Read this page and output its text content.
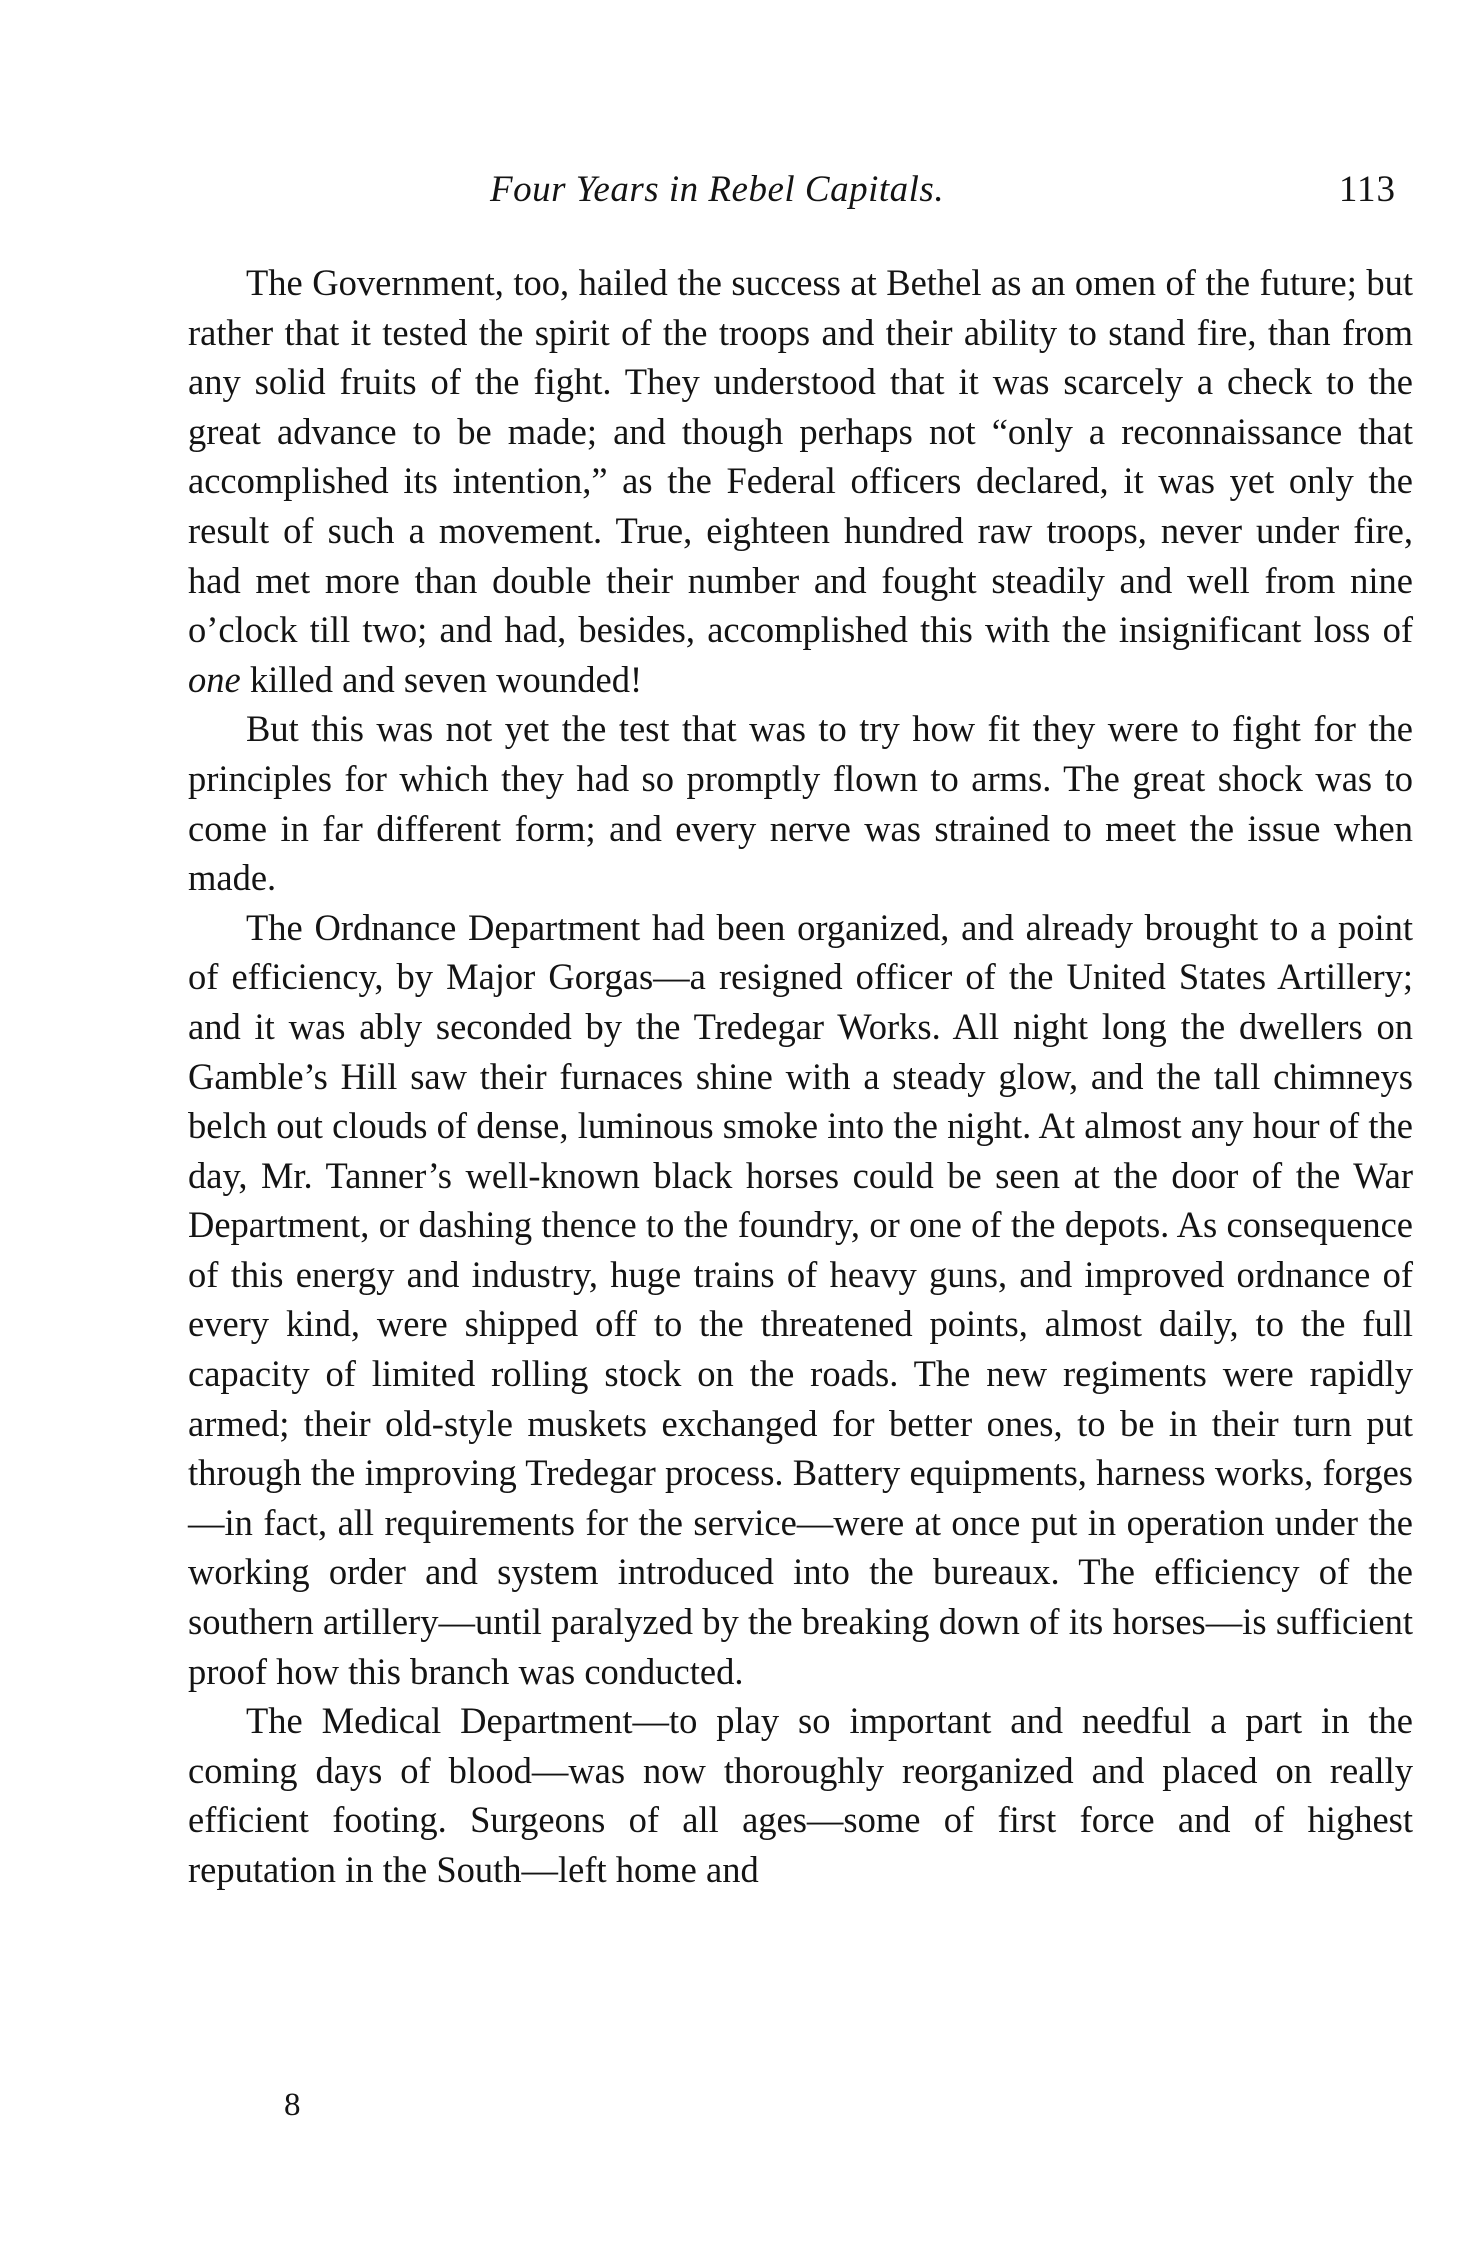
Four Years in Rebel Capitals.	113

The Government, too, hailed the success at Bethel as an omen of the future; but rather that it tested the spirit of the troops and their ability to stand fire, than from any solid fruits of the fight. They understood that it was scarcely a check to the great advance to be made; and though perhaps not “only a reconnaissance that accomplished its intention,” as the Federal officers declared, it was yet only the result of such a movement. True, eighteen hundred raw troops, never under fire, had met more than double their number and fought steadily and well from nine o’clock till two; and had, besides, accomplished this with the insignificant loss of one killed and seven wounded!

But this was not yet the test that was to try how fit they were to fight for the principles for which they had so promptly flown to arms. The great shock was to come in far different form; and every nerve was strained to meet the issue when made.

The Ordnance Department had been organized, and already brought to a point of efficiency, by Major Gorgas—a resigned officer of the United States Artillery; and it was ably seconded by the Tredegar Works. All night long the dwellers on Gamble’s Hill saw their furnaces shine with a steady glow, and the tall chimneys belch out clouds of dense, luminous smoke into the night. At almost any hour of the day, Mr. Tanner’s well-known black horses could be seen at the door of the War Department, or dashing thence to the foundry, or one of the depots. As consequence of this energy and industry, huge trains of heavy guns, and improved ordnance of every kind, were shipped off to the threatened points, almost daily, to the full capacity of limited rolling stock on the roads. The new regiments were rapidly armed; their old-style muskets exchanged for better ones, to be in their turn put through the improving Tredegar process. Battery equipments, harness works, forges—in fact, all requirements for the service—were at once put in operation under the working order and system introduced into the bureaux. The efficiency of the southern artillery—until paralyzed by the breaking down of its horses—is sufficient proof how this branch was conducted.

The Medical Department—to play so important and needful a part in the coming days of blood—was now thoroughly reorganized and placed on really efficient footing. Surgeons of all ages—some of first force and of highest reputation in the South—left home and

8
